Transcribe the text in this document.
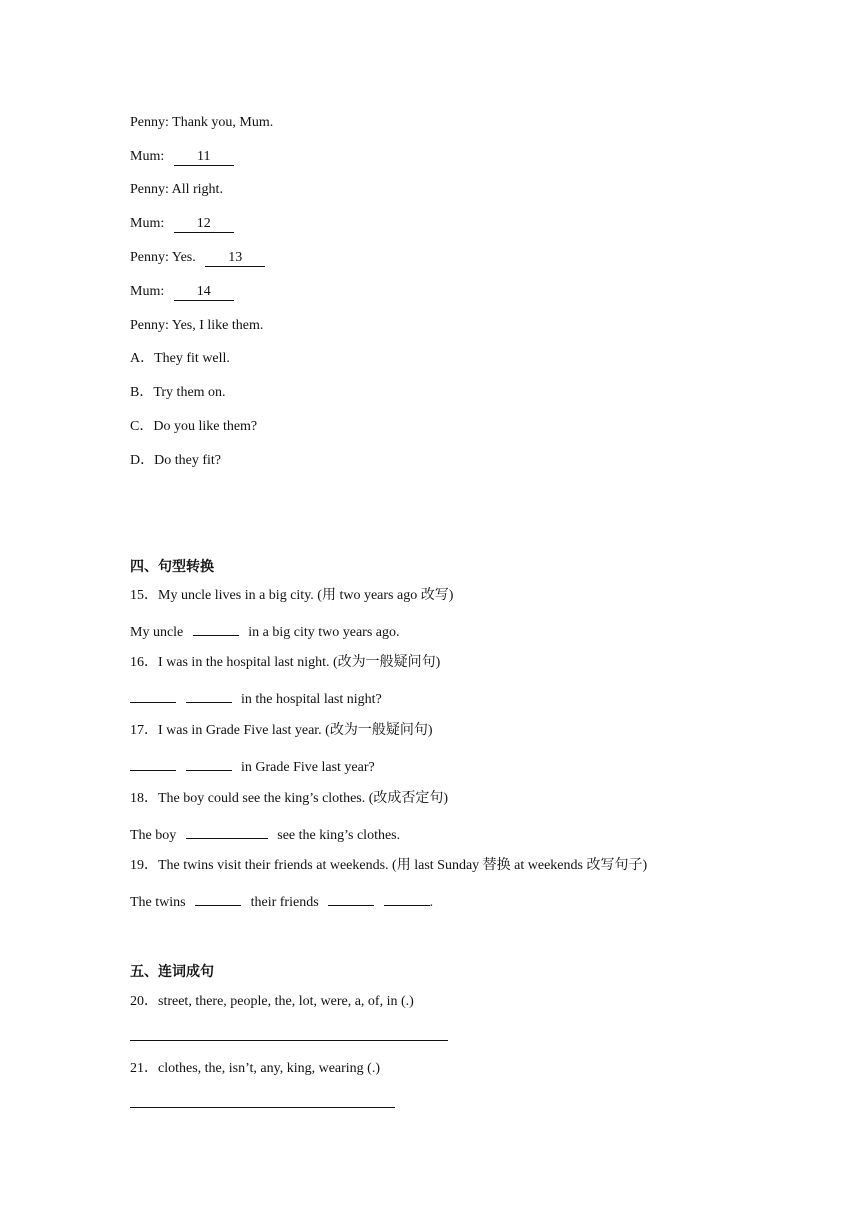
Penny: Thank you, Mum.
Mum: 11
Penny: All right.
Mum: 12
Penny: Yes. 13
Mum: 14
Penny: Yes, I like them.
A．They fit well.
B．Try them on.
C．Do you like them?
D．Do they fit?
四、句型转换
15．My uncle lives in a big city. (用 two years ago 改写)
My uncle	in a big city two years ago.
16．I was in the hospital last night. (改为一般疑问句)
in the hospital last night?
17．I was in Grade Five last year. (改为一般疑问句)
in Grade Five last year?
18．The boy could see the king’s clothes. (改成否定句)
The boy	see the king’s clothes.
19．The twins visit their friends at weekends. (用 last Sunday 替换 at weekends 改写句子)
The twins	their friends	.
五、连词成句
20．street, there, people, the, lot, were, a, of, in (.)
21．clothes, the, isn’t, any, king, wearing (.)
